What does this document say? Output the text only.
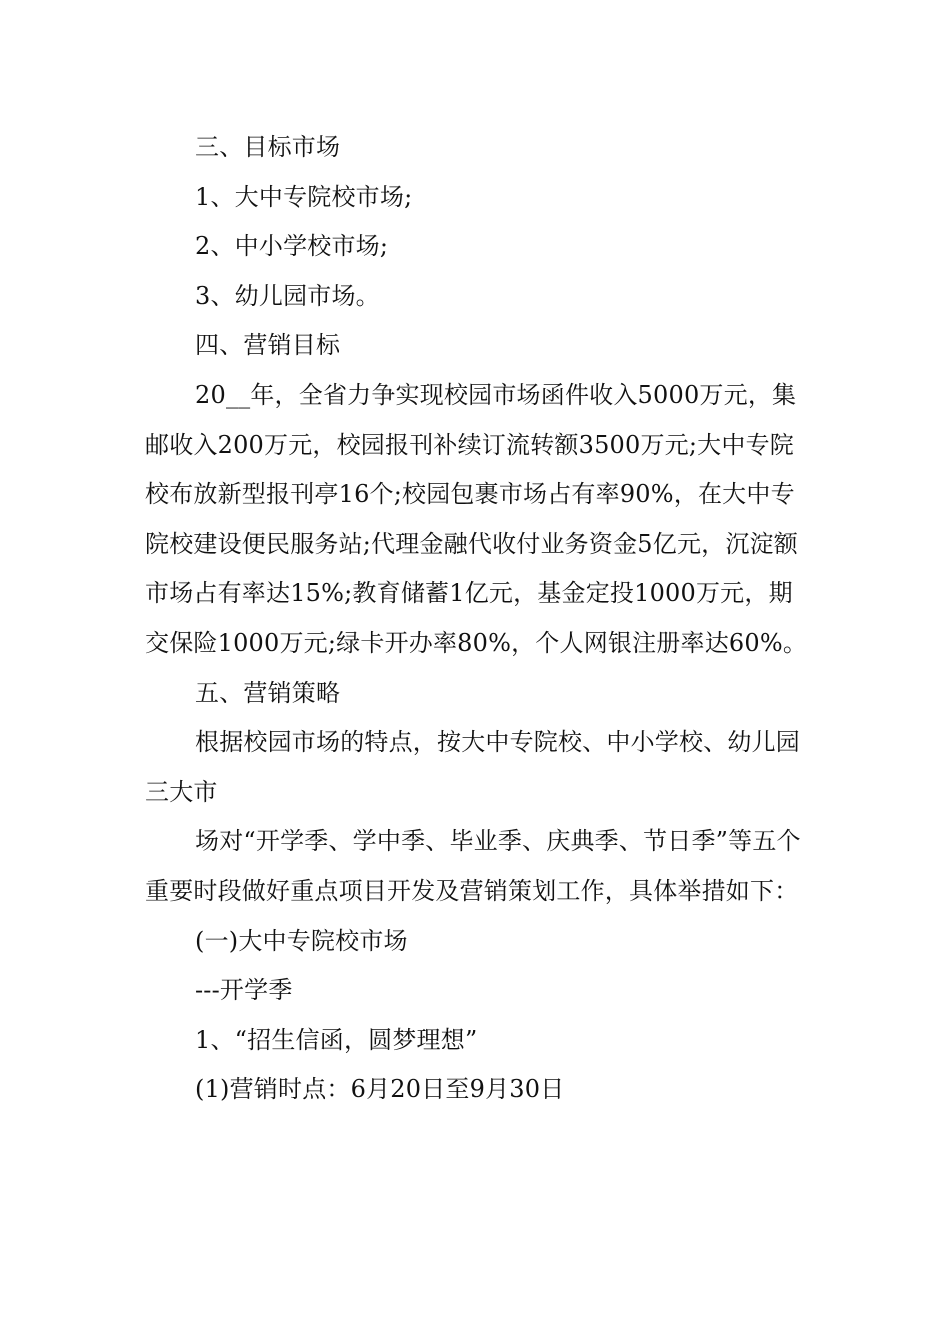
三、目标市场

1、大中专院校市场;

2、中小学校市场;

3、幼儿园市场。

四、营销目标

20__年，全省力争实现校园市场函件收入5000万元，集邮收入200万元，校园报刊补续订流转额3500万元;大中专院校布放新型报刊亭16个;校园包裹市场占有率90%，在大中专院校建设便民服务站;代理金融代收付业务资金5亿元，沉淀额市场占有率达15%;教育储蓄1亿元，基金定投1000万元，期交保险1000万元;绿卡开办率80%，个人网银注册率达60%。

五、营销策略

根据校园市场的特点，按大中专院校、中小学校、幼儿园三大市

场对“开学季、学中季、毕业季、庆典季、节日季”等五个重要时段做好重点项目开发及营销策划工作，具体举措如下：

(一)大中专院校市场

---开学季

1、“招生信函，圆梦理想”

(1)营销时点：6月20日至9月30日
